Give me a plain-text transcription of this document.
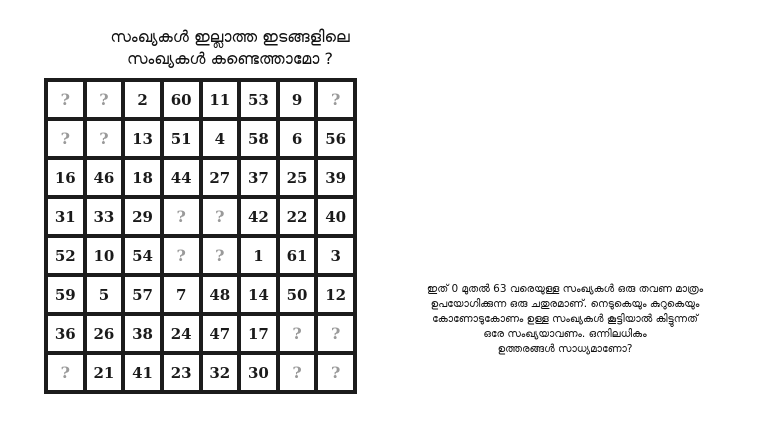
സംഖ്യകൾ ഇല്ലാത്ത ഇടങ്ങളിലെ
സംഖ്യകൾ കണ്ടെത്താമോ ?
?	?	2	60	11	53	9	?
?	?	13	51	4	58	6	56
16	46	18	44	27	37	25	39
31	33	29	?	?	42	22	40
52	10	54	?	?	1	61	3
59	5	57	7	48	14	50	12
36	26	38	24	47	17	?	?
?	21	41	23	32	30	?	?
ഇത് 0 മുതൽ 63 വരെയുള്ള സംഖ്യകൾ ഒരു തവണ മാത്രം
ഉപയോഗിക്കുന്ന ഒരു ചതുരമാണ്. നെടുകെയും കുറുകെയും
കോണോടുകോണം ഉള്ള സംഖ്യകൾ കൂട്ടിയാൽ കിട്ടുന്നത്
ഒരേ സംഖ്യയാവണം. ഒന്നിലധികം
ഉത്തരങ്ങൾ സാധ്യമാണോ?
